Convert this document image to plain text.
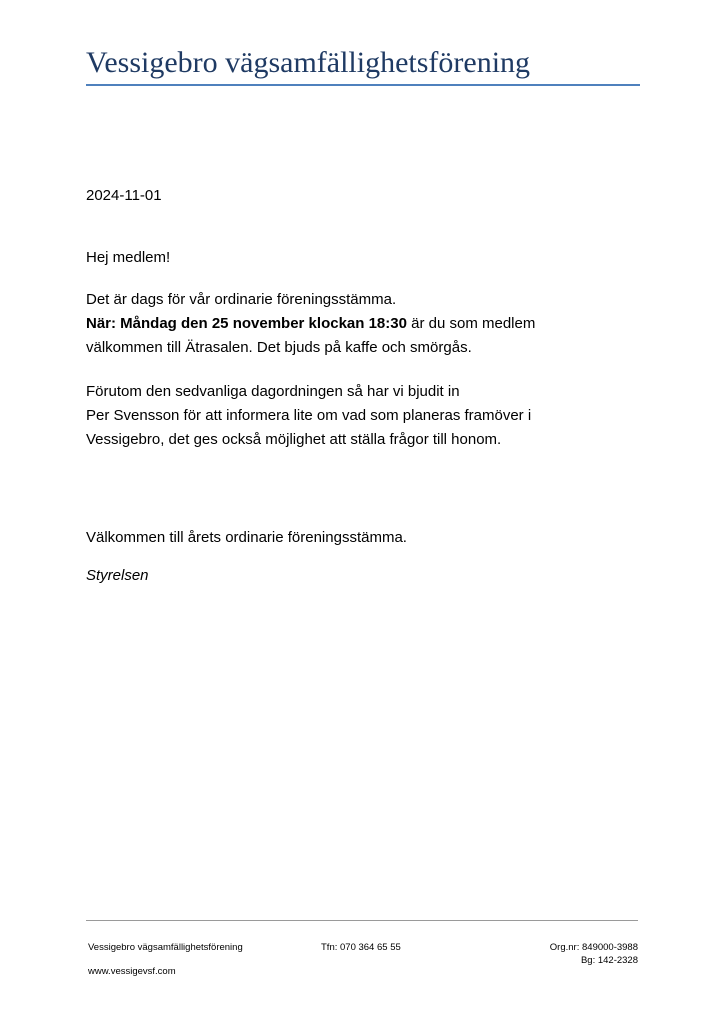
Vessigebro vägsamfällighetsförening
2024-11-01
Hej medlem!
Det är dags för vår ordinarie föreningsstämma.
När: Måndag den 25 november klockan 18:30 är du som medlem
välkommen till Ätrasalen. Det bjuds på kaffe och smörgås.
Förutom den sedvanliga dagordningen så har vi bjudit in
Per Svensson för att informera lite om vad som planeras framöver i
Vessigebro, det ges också möjlighet att ställa frågor till honom.
Välkommen till årets ordinarie föreningsstämma.
Styrelsen
Vessigebro vägsamfällighetsförening	Tfn: 070 364 65 55	Org.nr: 849000-3988
Bg: 142-2328
www.vessigevsf.com
